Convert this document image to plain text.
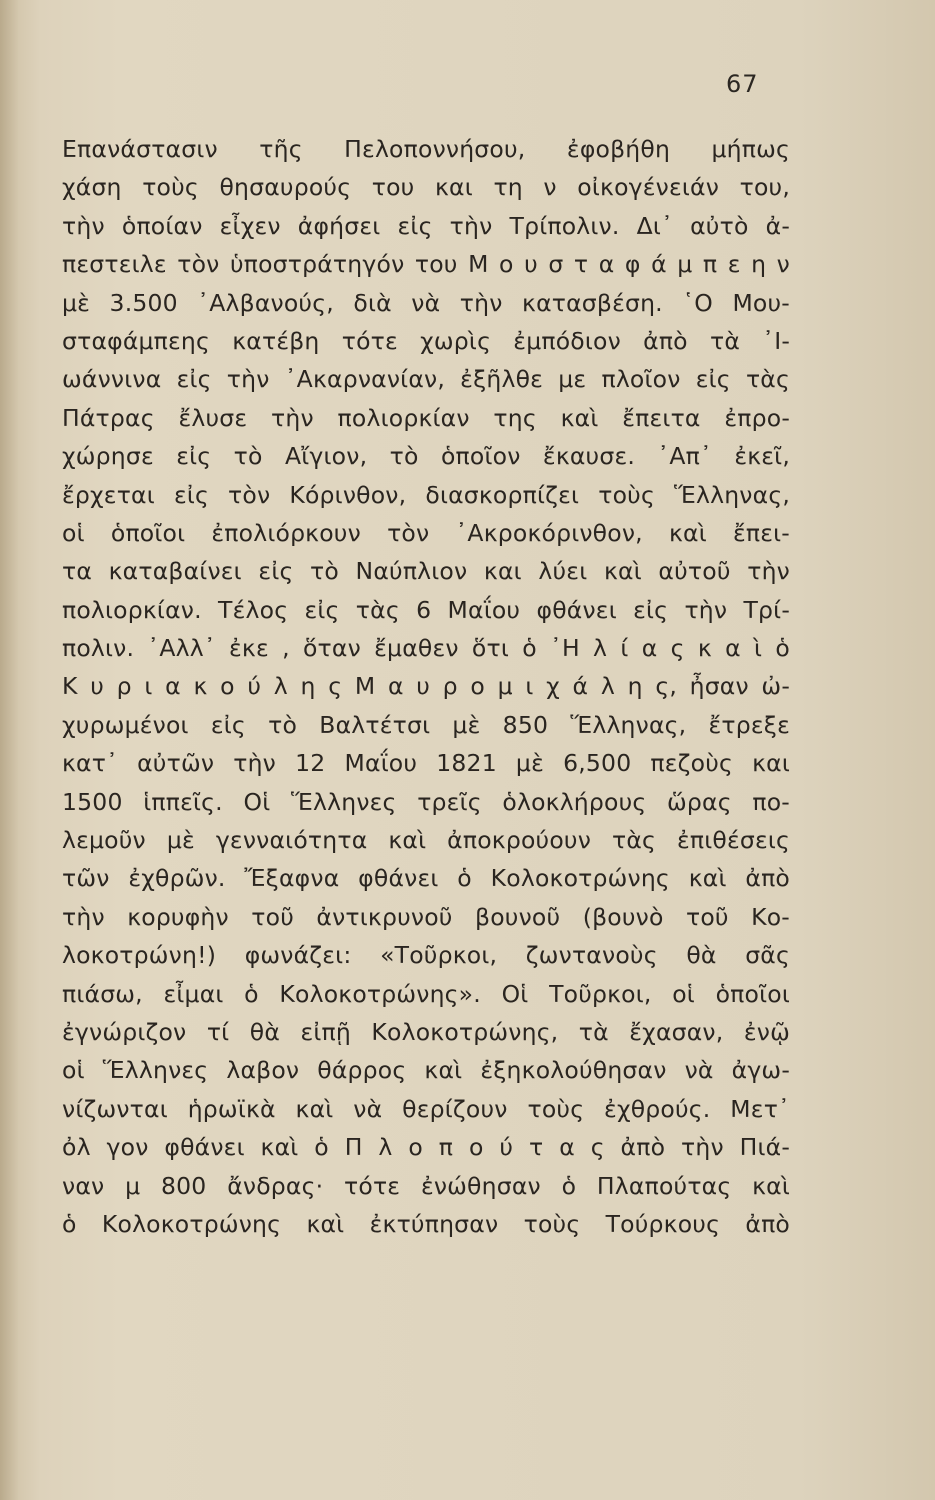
67
Επανάστασιν τῆς Πελοποννήσου, ἐφοβήθη μήπως
χάση τοὺς θησαυρούς του και τη ν οἰκογένειάν του,
τὴν ὁποίαν εἶχεν ἀφήσει εἰς τὴν Τρίπολιν. Δι᾿ αὐτὸ ἀ-
πεστειλε τὸν ὑποστράτηγόν του Μ ο υ σ τ α φ ά μ π ε η ν
μὲ 3.500 ᾿Αλβανούς, διὰ νὰ τὴν κατασβέση. ῾Ο Μου-
σταφάμπεης κατέβη τότε χωρὶς ἐμπόδιον ἀπὸ τὰ ᾿Ι-
ωάννινα εἰς τὴν ᾿Ακαρνανίαν, ἐξῆλθε με πλοῖον εἰς τὰς
Πάτρας ἔλυσε τὴν πολιορκίαν της καὶ ἔπειτα ἐπρο-
χώρησε εἰς τὸ Αἴγιον, τὸ ὁποῖον ἔκαυσε. ᾿Απ᾿ ἐκεῖ,
ἔρχεται εἰς τὸν Κόρινθον, διασκορπίζει τοὺς Ἕλληνας,
οἱ ὁποῖοι ἐπολιόρκουν τὸν ᾿Ακροκόρινθον, καὶ ἔπει-
τα καταβαίνει εἰς τὸ Ναύπλιον και λύει καὶ αὐτοῦ τὴν
πολιορκίαν. Τέλος εἰς τὰς 6 Μαΐου φθάνει εἰς τὴν Τρί-
πολιν. ᾿Αλλ᾿ ἐκε , ὅταν ἔμαθεν ὅτι ὁ ᾿Η λ ί α ς κ α ὶ ὁ
Κ υ ρ ι α κ ο ύ λ η ς Μ α υ ρ ο μ ι χ ά λ η ς, ἦσαν ὠ-
χυρωμένοι εἰς τὸ Βαλτέτσι μὲ 850 Ἕλληνας, ἔτρεξε
κατ᾿ αὐτῶν τὴν 12 Μαΐου 1821 μὲ 6,500 πεζοὺς και
1500 ἱππεῖς. Οἱ Ἕλληνες τρεῖς ὁλοκλήρους ὥρας πο-
λεμοῦν μὲ γενναιότητα καὶ ἀποκρούουν τὰς ἐπιθέσεις
τῶν ἐχθρῶν. Ἔξαφνα φθάνει ὁ Κολοκοτρώνης καὶ ἀπὸ
τὴν κορυφὴν τοῦ ἀντικρυνοῦ βουνοῦ (βουνὸ τοῦ Κο-
λοκοτρώνη!) φωνάζει: «Τοῦρκοι, ζωντανοὺς θὰ σᾶς
πιάσω, εἶμαι ὁ Κολοκοτρώνης». Οἱ Τοῦρκοι, οἱ ὁποῖοι
ἐγνώριζον τί θὰ εἰπῇ Κολοκοτρώνης, τὰ ἔχασαν, ἐνῷ
οἱ Ἕλληνες λαβον θάρρος καὶ ἐξηκολούθησαν νὰ ἀγω-
νίζωνται ἡρωϊκὰ καὶ νὰ θερίζουν τοὺς ἐχθρούς. Μετ᾿
ὀλ γον φθάνει καὶ ὁ Π λ ο π ο ύ τ α ς ἀπὸ τὴν Πιά-
ναν μ 800 ἄνδρας· τότε ἐνώθησαν ὁ Πλαπούτας καὶ
ὁ Κολοκοτρώνης καὶ ἐκτύπησαν τοὺς Τούρκους ἀπὸ
